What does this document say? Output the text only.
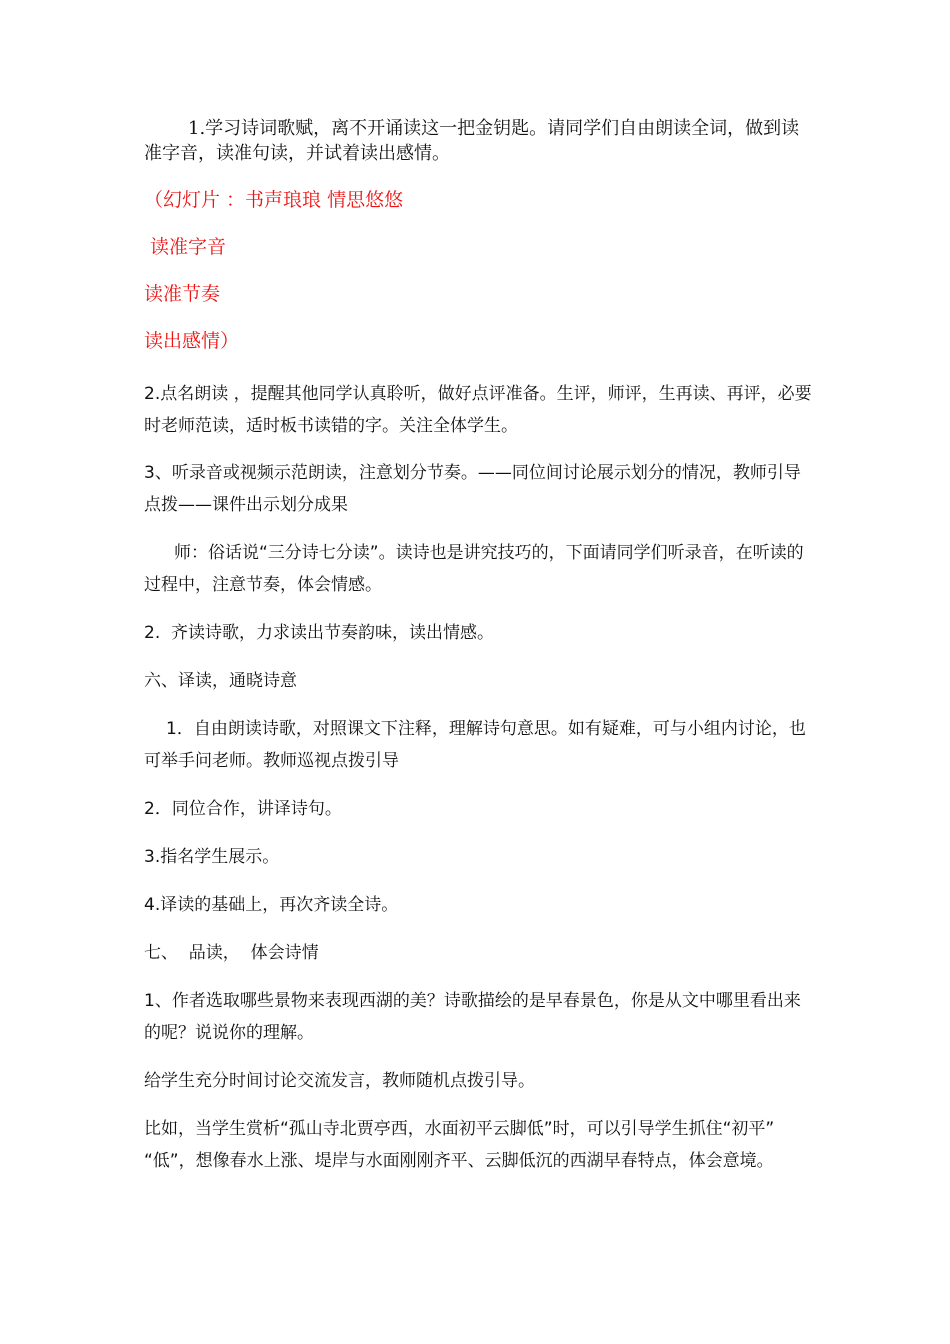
1.学习诗词歌赋，离不开诵读这一把金钥匙。请同学们自由朗读全词，做到读准字音，读准句读，并试着读出感情。

（幻灯片 ：书声琅琅 情思悠悠

读准字音

读准节奏

读出感情）

2.点名朗读 ，提醒其他同学认真聆听，做好点评准备。生评，师评，生再读、再评，必要时老师范读，适时板书读错的字。关注全体学生。

3、听录音或视频示范朗读，注意划分节奏。——同位间讨论展示划分的情况，教师引导点拨——课件出示划分成果

师：俗话说“三分诗七分读”。读诗也是讲究技巧的，下面请同学们听录音，在听读的过程中，注意节奏，体会情感。

2.  齐读诗歌，力求读出节奏韵味，读出情感。

六、译读，通晓诗意

1．自由朗读诗歌，对照课文下注释，理解诗句意思。如有疑难，可与小组内讨论，也可举手问老师。教师巡视点拨引导

2．同位合作，讲译诗句。

3.指名学生展示。

4.译读的基础上，再次齐读全诗。

七、  品读，  体会诗情

1、作者选取哪些景物来表现西湖的美？诗歌描绘的是早春景色，你是从文中哪里看出来的呢？说说你的理解。

给学生充分时间讨论交流发言，教师随机点拨引导。

比如，当学生赏析“孤山寺北贾亭西，水面初平云脚低”时，可以引导学生抓住“初平” “低”，想像春水上涨、堤岸与水面刚刚齐平、云脚低沉的西湖早春特点，体会意境。
